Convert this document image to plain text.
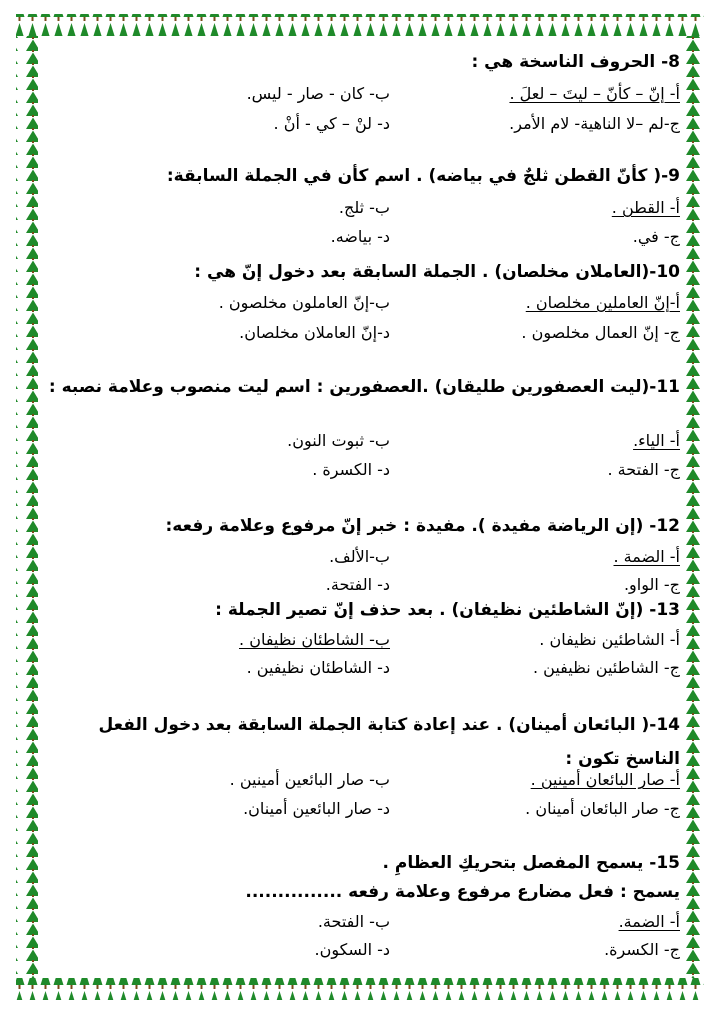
8- الحروف الناسخة هي :
أ- إنّ – كأنّ – ليتَ – لعلَ .
ب- كان - صار - ليس.
ج-لم –لا الناهية- لام الأمر.
د- لنْ – كي - أنْ .
9-( كأنّ القطن ثلجٌ في بياضه) . اسم كأن في الجملة السابقة:
أ- القطن .
ب- ثلج.
ج- في.
د- بياضه.
10-(العاملان مخلصان) . الجملة السابقة بعد دخول إنّ هي :
أ-إنّ العاملين مخلصان .
ب-إنّ العاملون مخلصون .
ج- إنّ العمال مخلصون .
د-إنّ العاملان مخلصان.
11-(ليت العصفورين طليقان) .العصفورين : اسم ليت منصوب وعلامة نصبه :
أ- الياء.
ب- ثبوت النون.
ج- الفتحة .
د- الكسرة .
12- (إن الرياضة مفيدة ). مفيدة : خبر إنّ مرفوع وعلامة رفعه:
أ- الضمة .
ب-الألف.
ج- الواو.
د- الفتحة.
13- (إنّ الشاطئين نظيفان) . بعد حذف إنّ تصير الجملة :
أ- الشاطئين نظيفان .
ب- الشاطئان نظيفان .
ج- الشاطئين نظيفين .
د- الشاطئان نظيفين .
14-( البائعان أمينان) . عند إعادة كتابة الجملة السابقة بعد دخول الفعل الناسخ تكون :
أ- صار البائعان أمينين .
ب- صار البائعين أمينين .
ج- صار البائعان أمينان .
د- صار البائعين أمينان.
15- يسمح المفصل بتحريكِ العظامِ .
يسمح : فعل مضارع مرفوع وعلامة رفعه ...............
أ- الضمة.
ب- الفتحة.
ج- الكسرة.
د- السكون.
